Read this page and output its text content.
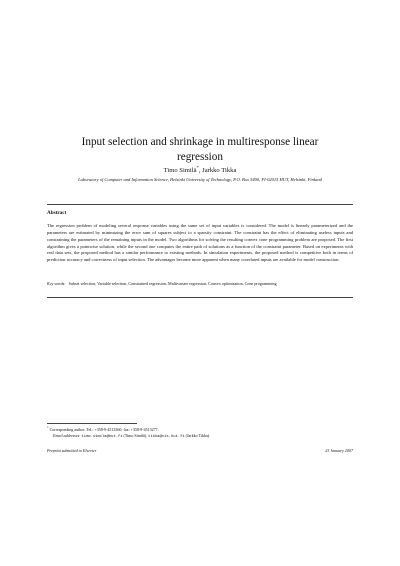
Input selection and shrinkage in multiresponse linear regression
Timo Similä*, Jarkko Tikka
Laboratory of Computer and Information Science, Helsinki University of Technology, P.O. Box 5400, FI-02015 HUT, Helsinki, Finland
Abstract
The regression problem of modeling several response variables using the same set of input variables is considered. The model is linearly parameterized and the parameters are estimated by minimizing the error sum of squares subject to a sparsity constraint. The constraint has the effect of eliminating useless inputs and constraining the parameters of the remaining inputs in the model. Two algorithms for solving the resulting convex cone programming problem are proposed. The first algorithm gives a pointwise solution, while the second one computes the entire path of solutions as a function of the constraint parameter. Based on experiments with real data sets, the proposed method has a similar performance to existing methods. In simulation experiments, the proposed method is competitive both in terms of prediction accuracy and correctness of input selection. The advantages become more apparent when many correlated inputs are available for model construction.
Key words: Subset selection, Variable selection, Constrained regression, Multivariate regression, Convex optimization, Cone programming
* Corresponding author. Tel.: +358-9-4513360; fax: +358-9-4513277.
Email addresses: timo.simila@hut.fi (Timo Similä), tikka@cis.hut.fi (Jarkko Tikka).
Preprint submitted to Elsevier	23 January 2007
